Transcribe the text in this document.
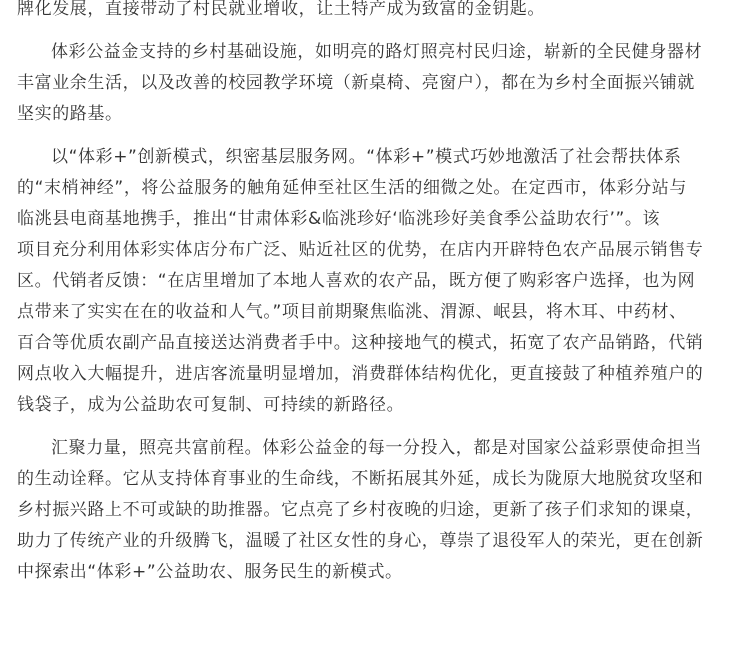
牌化发展，直接带动了村民就业增收，让土特产成为致富的金钥匙。

体彩公益金支持的乡村基础设施，如明亮的路灯照亮村民归途，崭新的全民健身器材
丰富业余生活，以及改善的校园教学环境（新桌椅、亮窗户），都在为乡村全面振兴铺就
坚实的路基。

以“体彩+”创新模式，织密基层服务网。“体彩+”模式巧妙地激活了社会帮扶体系
的“末梢神经”，将公益服务的触角延伸至社区生活的细微之处。在定西市，体彩分站与
临洮县电商基地携手，推出“甘肃体彩&临洮珍好‘临洮珍好美食季公益助农行’”。该
项目充分利用体彩实体店分布广泛、贴近社区的优势，在店内开辟特色农产品展示销售专
区。代销者反馈：“在店里增加了本地人喜欢的农产品，既方便了购彩客户选择，也为网
点带来了实实在在的收益和人气。”项目前期聚焦临洮、渭源、岷县，将木耳、中药材、
百合等优质农副产品直接送达消费者手中。这种接地气的模式，拓宽了农产品销路，代销
网点收入大幅提升，进店客流量明显增加，消费群体结构优化，更直接鼓了种植养殖户的
钱袋子，成为公益助农可复制、可持续的新路径。

汇聚力量，照亮共富前程。体彩公益金的每一分投入，都是对国家公益彩票使命担当
的生动诠释。它从支持体育事业的生命线，不断拓展其外延，成长为陇原大地脱贫攻坚和
乡村振兴路上不可或缺的助推器。它点亮了乡村夜晚的归途，更新了孩子们求知的课桌，
助力了传统产业的升级腾飞，温暖了社区女性的身心，尊崇了退役军人的荣光，更在创新
中探索出“体彩+”公益助农、服务民生的新模式。
